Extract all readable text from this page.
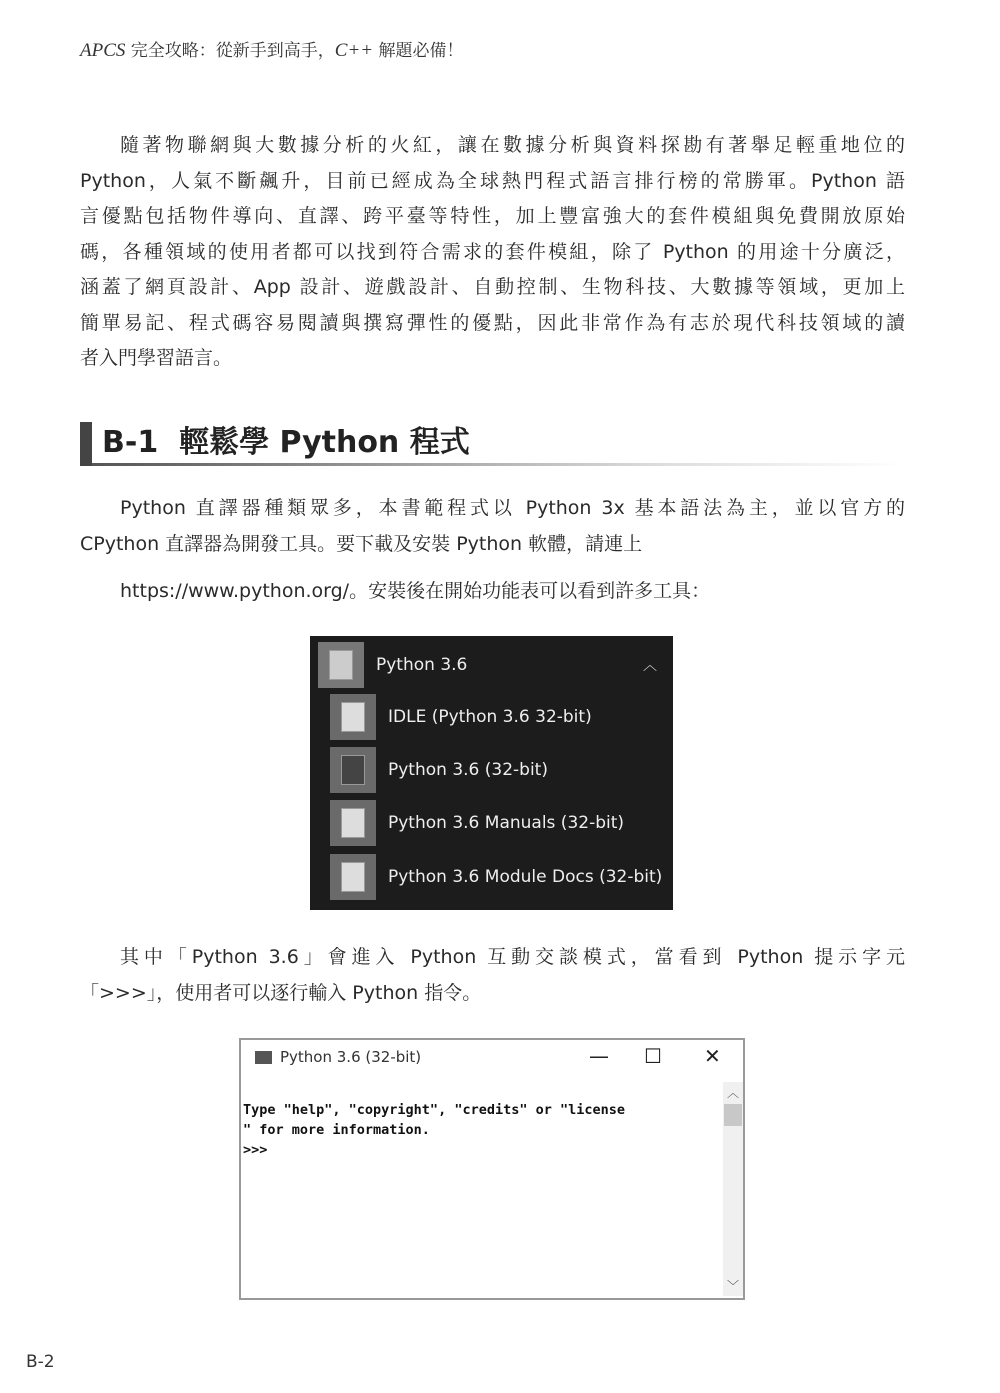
APCS 完全攻略：從新手到高手，C++ 解題必備！
隨著物聯網與大數據分析的火紅，讓在數據分析與資料探勘有著舉足輕重地位的
Python，人氣不斷飆升，目前已經成為全球熱門程式語言排行榜的常勝軍。Python 語
言優點包括物件導向、直譯、跨平臺等特性，加上豐富強大的套件模組與免費開放原始
碼，各種領域的使用者都可以找到符合需求的套件模組，除了 Python 的用途十分廣泛，
涵蓋了網頁設計、App 設計、遊戲設計、自動控制、生物科技、大數據等領域，更加上
簡單易記、程式碼容易閱讀與撰寫彈性的優點，因此非常作為有志於現代科技領域的讀
者入門學習語言。
B-1  輕鬆學 Python 程式
Python 直譯器種類眾多，本書範程式以 Python 3x 基本語法為主，並以官方的
CPython 直譯器為開發工具。要下載及安裝 Python 軟體，請連上
https://www.python.org/。安裝後在開始功能表可以看到許多工具：
Python 3.6	︿
IDLE (Python 3.6 32-bit)
Python 3.6 (32-bit)
Python 3.6 Manuals (32-bit)
Python 3.6 Module Docs (32-bit)
其中「Python 3.6」會進入 Python 互動交談模式，當看到 Python 提示字元
「>>>」，使用者可以逐行輸入 Python 指令。
Python 3.6 (32-bit)	— ☐ ✕
Type "help", "copyright", "credits" or "license
" for more information.
>>>
︿
﹀
B-2
